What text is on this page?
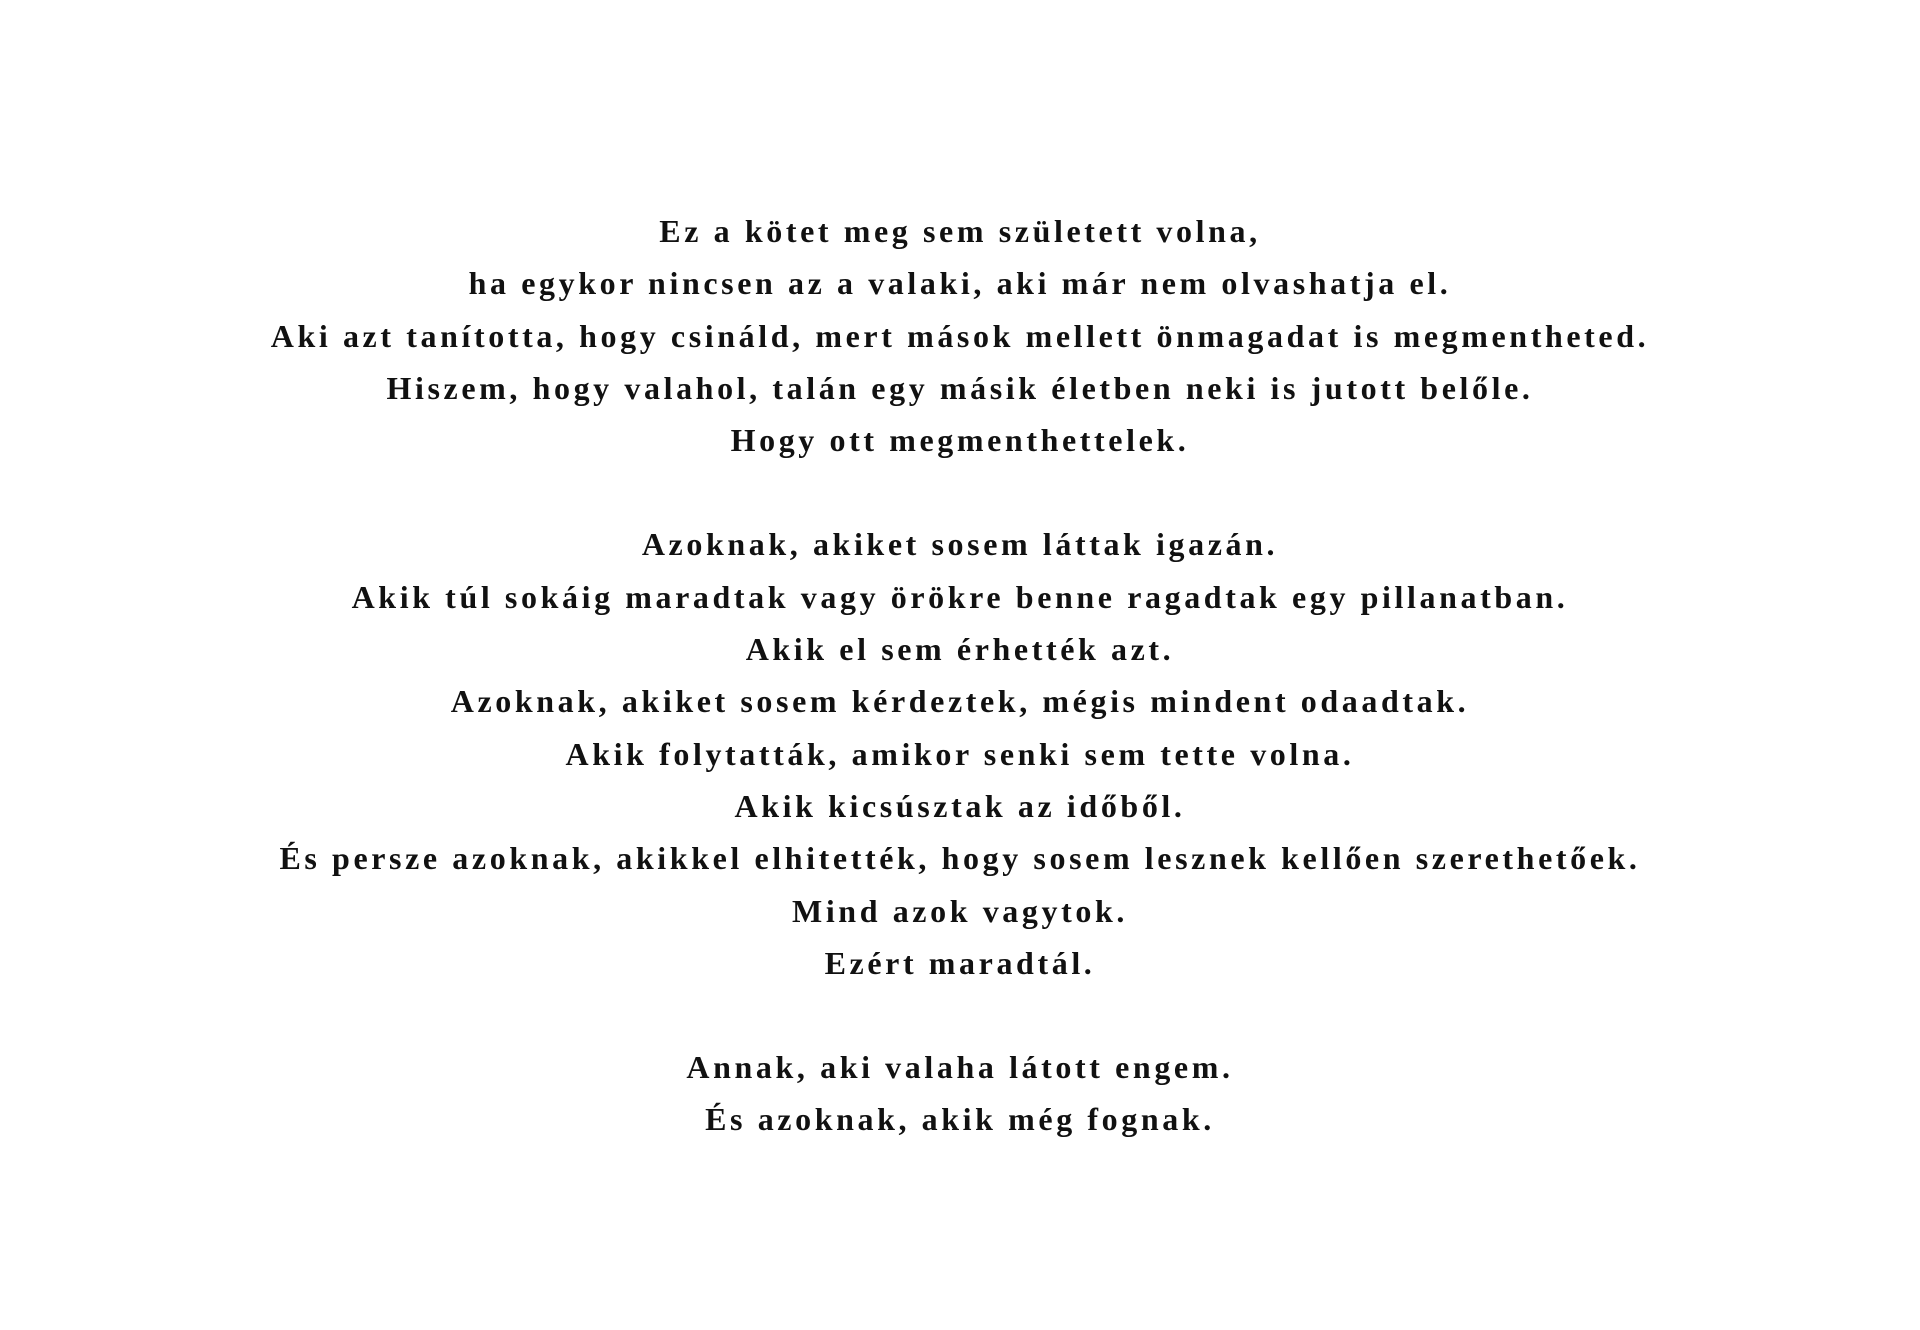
Ez a kötet meg sem született volna,
ha egykor nincsen az a valaki, aki már nem olvashatja el.
Aki azt tanította, hogy csináld, mert mások mellett önmagadat is megmentheted.
Hiszem, hogy valahol, talán egy másik életben neki is jutott belőle.
Hogy ott megmenthettelek.
Azoknak, akiket sosem láttak igazán.
Akik túl sokáig maradtak vagy örökre benne ragadtak egy pillanatban.
Akik el sem érhették azt.
Azoknak, akiket sosem kérdeztek, mégis mindent odaadtak.
Akik folytatták, amikor senki sem tette volna.
Akik kicsúsztak az időből.
És persze azoknak, akikkel elhitették, hogy sosem lesznek kellően szerethetőek.
Mind azok vagytok.
Ezért maradtál.
Annak, aki valaha látott engem.
És azoknak, akik még fognak.
